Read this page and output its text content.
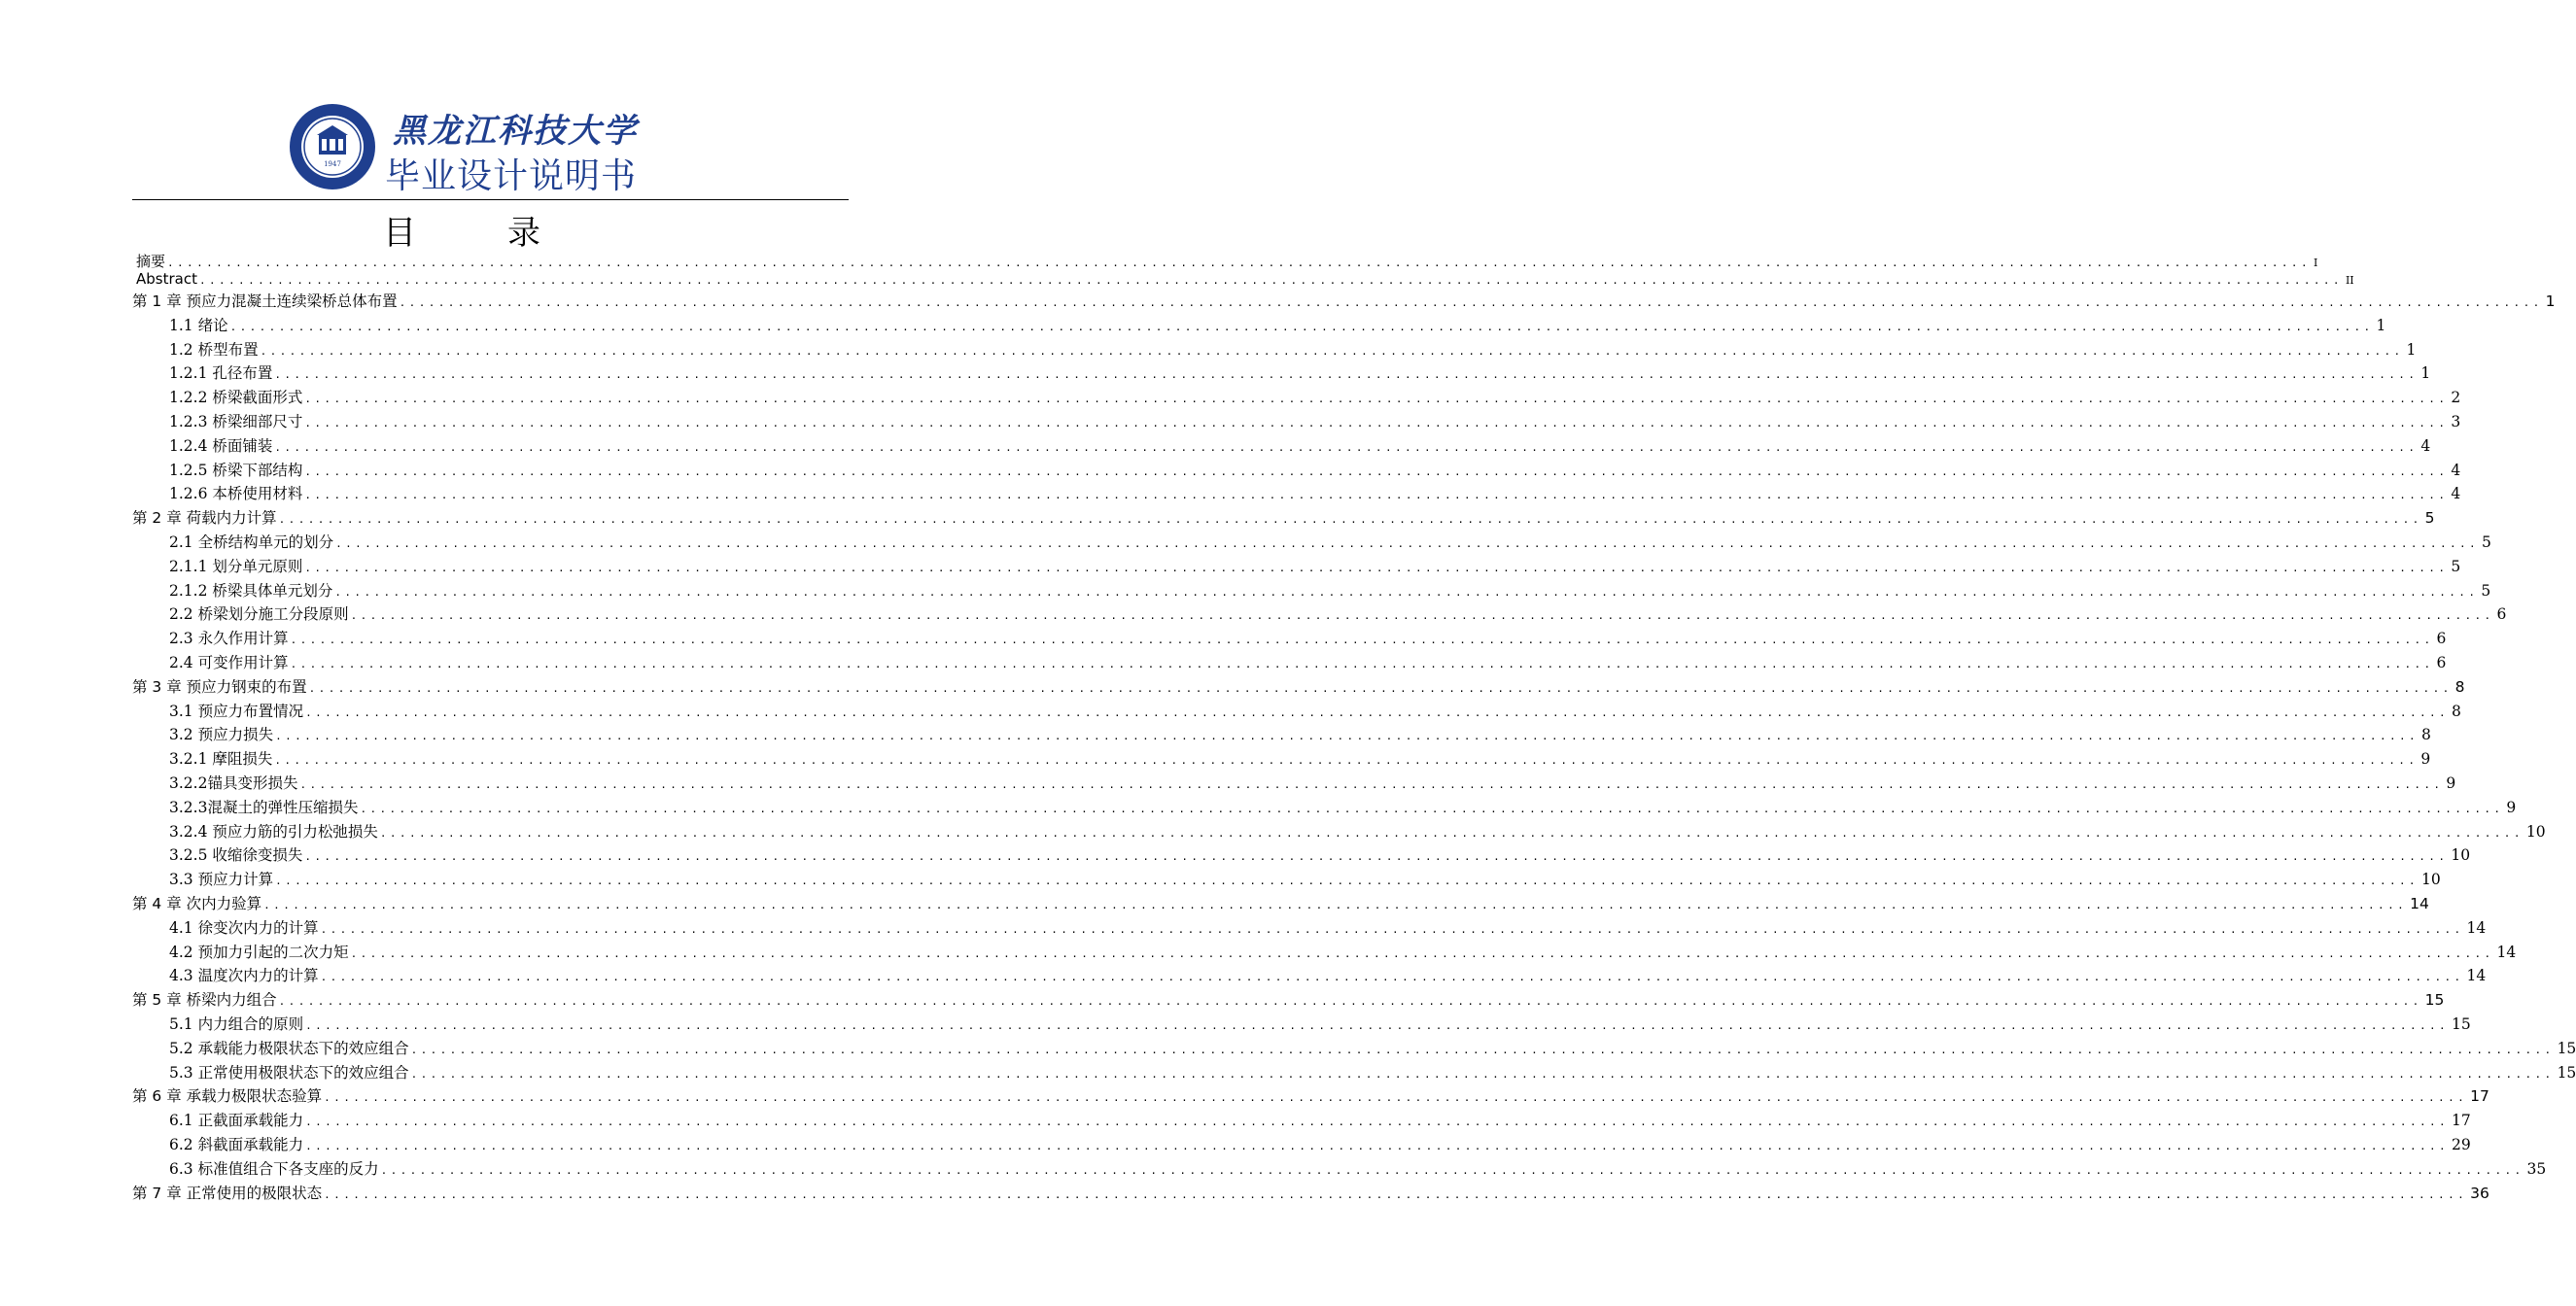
1947
黑龙江科技大学
毕业设计说明书
目　录
摘要 ............................................................................................................................................................................................................................ I
Abstract ............................................................................................................................................................................................................................ II
第 1 章 预应力混凝土连续梁桥总体布置 ............................................................................................................................................................................................................................ 1
1.1 绪论 ............................................................................................................................................................................................................................ 1
1.2 桥型布置 ............................................................................................................................................................................................................................ 1
1.2.1 孔径布置 ............................................................................................................................................................................................................................ 1
1.2.2 桥梁截面形式 ............................................................................................................................................................................................................................ 2
1.2.3 桥梁细部尺寸 ............................................................................................................................................................................................................................ 3
1.2.4 桥面铺装 ............................................................................................................................................................................................................................ 4
1.2.5 桥梁下部结构 ............................................................................................................................................................................................................................ 4
1.2.6 本桥使用材料 ............................................................................................................................................................................................................................ 4
第 2 章 荷载内力计算 ............................................................................................................................................................................................................................ 5
2.1 全桥结构单元的划分 ............................................................................................................................................................................................................................ 5
2.1.1 划分单元原则 ............................................................................................................................................................................................................................ 5
2.1.2 桥梁具体单元划分 ............................................................................................................................................................................................................................ 5
2.2 桥梁划分施工分段原则 ............................................................................................................................................................................................................................ 6
2.3 永久作用计算 ............................................................................................................................................................................................................................ 6
2.4 可变作用计算 ............................................................................................................................................................................................................................ 6
第 3 章 预应力钢束的布置 ............................................................................................................................................................................................................................ 8
3.1 预应力布置情况 ............................................................................................................................................................................................................................ 8
3.2 预应力损失 ............................................................................................................................................................................................................................ 8
3.2.1 摩阻损失 ............................................................................................................................................................................................................................ 9
3.2.2锚具变形损失 ............................................................................................................................................................................................................................ 9
3.2.3混凝土的弹性压缩损失 ............................................................................................................................................................................................................................ 9
3.2.4 预应力筋的引力松弛损失 ............................................................................................................................................................................................................................ 10
3.2.5 收缩徐变损失 ............................................................................................................................................................................................................................ 10
3.3 预应力计算 ............................................................................................................................................................................................................................ 10
第 4 章 次内力验算 ............................................................................................................................................................................................................................ 14
4.1 徐变次内力的计算 ............................................................................................................................................................................................................................ 14
4.2 预加力引起的二次力矩 ............................................................................................................................................................................................................................ 14
4.3 温度次内力的计算 ............................................................................................................................................................................................................................ 14
第 5 章 桥梁内力组合 ............................................................................................................................................................................................................................ 15
5.1 内力组合的原则 ............................................................................................................................................................................................................................ 15
5.2 承载能力极限状态下的效应组合 ............................................................................................................................................................................................................................ 15
5.3 正常使用极限状态下的效应组合 ............................................................................................................................................................................................................................ 15
第 6 章 承载力极限状态验算 ............................................................................................................................................................................................................................ 17
6.1 正截面承载能力 ............................................................................................................................................................................................................................ 17
6.2 斜截面承载能力 ............................................................................................................................................................................................................................ 29
6.3 标准值组合下各支座的反力 ............................................................................................................................................................................................................................ 35
第 7 章 正常使用的极限状态 ............................................................................................................................................................................................................................ 36
